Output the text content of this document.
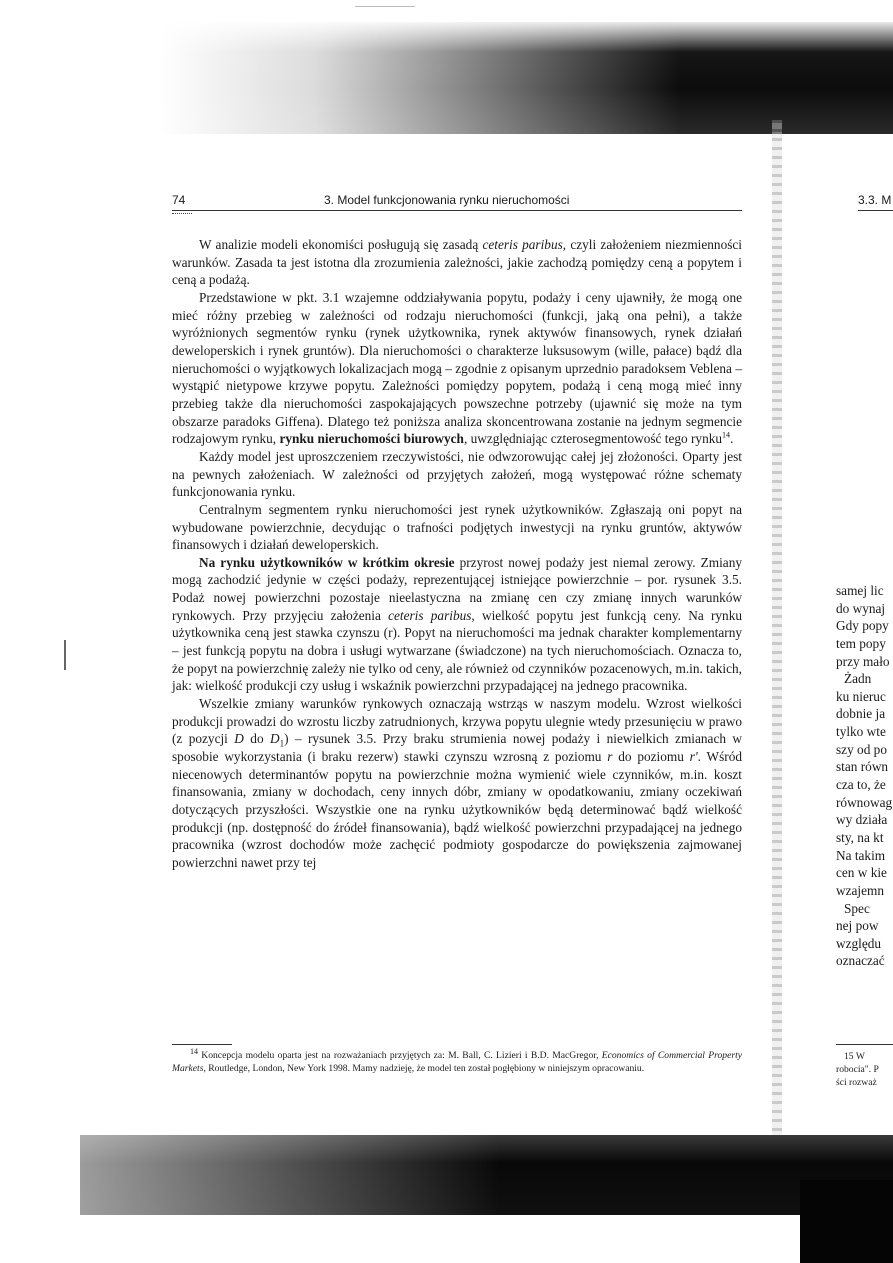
74	3. Model funkcjonowania rynku nieruchomości

W analizie modeli ekonomiści posługują się zasadą ceteris paribus, czyli założeniem niezmienności warunków. Zasada ta jest istotna dla zrozumienia zależności, jakie zachodzą pomiędzy ceną a popytem i ceną a podażą.

Przedstawione w pkt. 3.1 wzajemne oddziaływania popytu, podaży i ceny ujawniły, że mogą one mieć różny przebieg w zależności od rodzaju nieruchomości (funkcji, jaką ona pełni), a także wyróżnionych segmentów rynku (rynek użytkownika, rynek aktywów finansowych, rynek działań deweloperskich i rynek gruntów). Dla nieruchomości o charakterze luksusowym (wille, pałace) bądź dla nieruchomości o wyjątkowych lokalizacjach mogą – zgodnie z opisanym uprzednio paradoksem Veblena – wystąpić nietypowe krzywe popytu. Zależności pomiędzy popytem, podażą i ceną mogą mieć inny przebieg także dla nieruchomości zaspokajających powszechne potrzeby (ujawnić się może na tym obszarze paradoks Giffena). Dlatego też poniższa analiza skoncentrowana zostanie na jednym segmencie rodzajowym rynku, rynku nieruchomości biurowych, uwzględniając czterosegmentowość tego rynku$^{14}$.

Każdy model jest uproszczeniem rzeczywistości, nie odwzorowując całej jej złożoności. Oparty jest na pewnych założeniach. W zależności od przyjętych założeń, mogą występować różne schematy funkcjonowania rynku.

Centralnym segmentem rynku nieruchomości jest rynek użytkowników. Zgłaszają oni popyt na wybudowane powierzchnie, decydując o trafności podjętych inwestycji na rynku gruntów, aktywów finansowych i działań deweloperskich.

Na rynku użytkowników w krótkim okresie przyrost nowej podaży jest niemal zerowy. Zmiany mogą zachodzić jedynie w części podaży, reprezentującej istniejące powierzchnie – por. rysunek 3.5. Podaż nowej powierzchni pozostaje nieelastyczna na zmianę cen czy zmianę innych warunków rynkowych. Przy przyjęciu założenia ceteris paribus, wielkość popytu jest funkcją ceny. Na rynku użytkownika ceną jest stawka czynszu (r). Popyt na nieruchomości ma jednak charakter komplementarny – jest funkcją popytu na dobra i usługi wytwarzane (świadczone) na tych nieruchomościach. Oznacza to, że popyt na powierzchnię zależy nie tylko od ceny, ale również od czynników pozacenowych, m.in. takich, jak: wielkość produkcji czy usług i wskaźnik powierzchni przypadającej na jednego pracownika.

Wszelkie zmiany warunków rynkowych oznaczają wstrząs w naszym modelu. Wzrost wielkości produkcji prowadzi do wzrostu liczby zatrudnionych, krzywa popytu ulegnie wtedy przesunięciu w prawo (z pozycji D do $D_1$) – rysunek 3.5. Przy braku strumienia nowej podaży i niewielkich zmianach w sposobie wykorzystania (i braku rezerw) stawki czynszu wzrosną z poziomu r do poziomu r'. Wśród niecenowych determinantów popytu na powierzchnie można wymienić wiele czynników, m.in. koszt finansowania, zmiany w dochodach, ceny innych dóbr, zmiany w opodatkowaniu, zmiany oczekiwań dotyczących przyszłości. Wszystkie one na rynku użytkowników będą determinować bądź wielkość produkcji (np. dostępność do źródeł finansowania), bądź wielkość powierzchni przypadającej na jednego pracownika (wzrost dochodów może zachęcić podmioty gospodarcze do powiększenia zajmowanej powierzchni nawet przy tej

$^{14}$ Koncepcja modelu oparta jest na rozważaniach przyjętych za: M. Ball, C. Lizieri i B.D. MacGregor, Economics of Commercial Property Markets, Routledge, London, New York 1998. Mamy nadzieję, że model ten został pogłębiony w niniejszym opracowaniu.

3.3. M
samej lic
do wynaj
Gdy popy
tem popy
przy mało
Żadn
ku nieruc
dobnie ja
tylko wte
szy od po
stan równ
cza to, że
równowag
wy działa
sty, na kt
Na takim
cen w kie
wzajemn
Spec
nej pow
względu
oznaczać
15 W
robocia". P
ści rozważ
